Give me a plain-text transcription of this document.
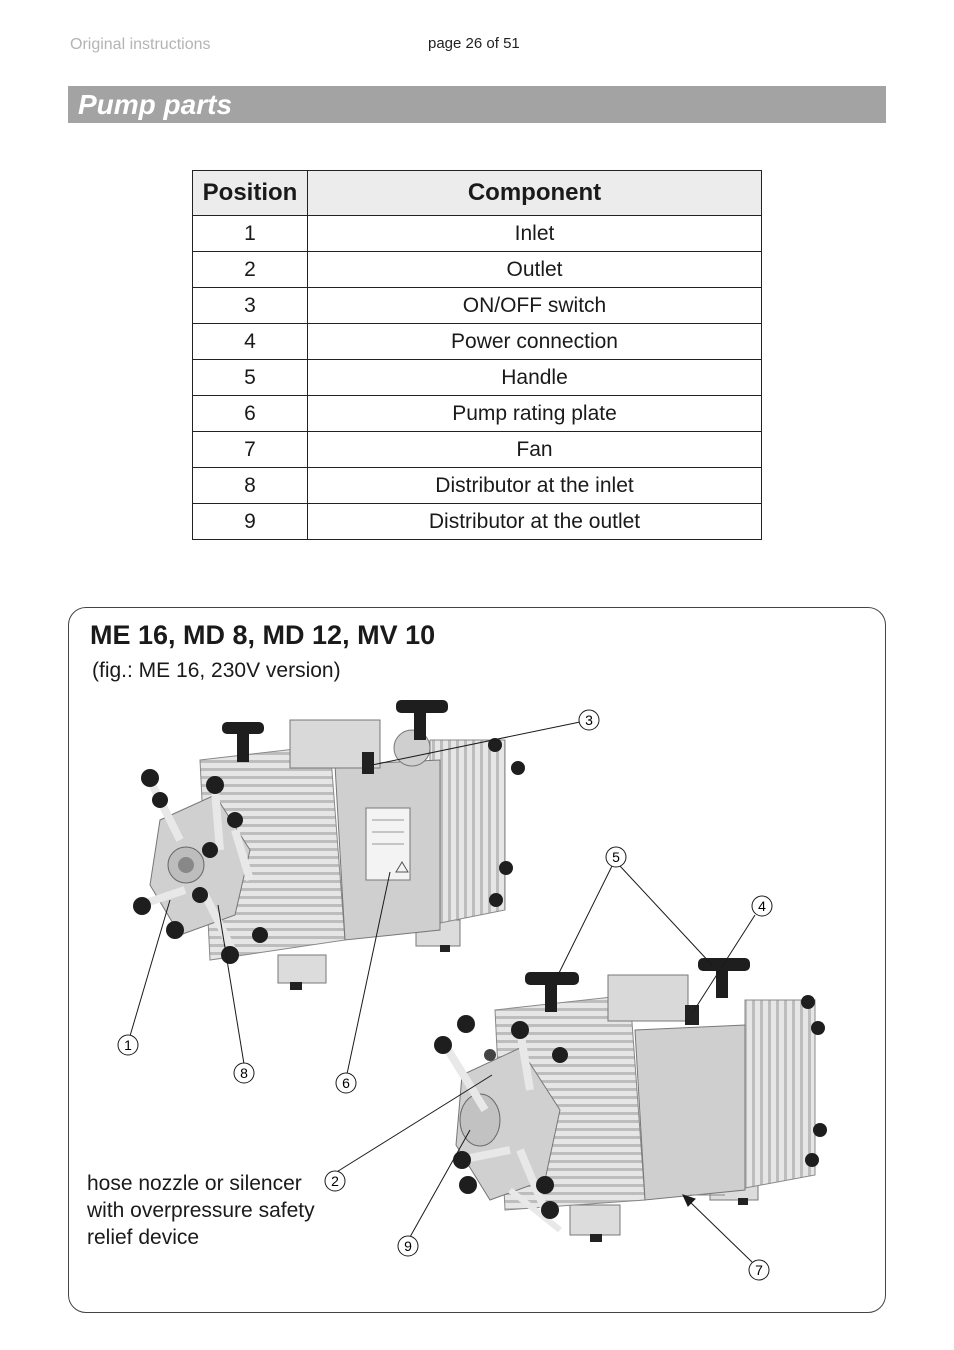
Original instructions	page 26 of 51
Pump parts
Position	Component
1	Inlet
2	Outlet
3	ON/OFF switch
4	Power connection
5	Handle
6	Pump rating plate
7	Fan
8	Distributor at the inlet
9	Distributor at the outlet
ME 16, MD 8, MD 12, MV 10
(fig.: ME 16, 230V version)
3
5
4
1
8
6
2
9
7
hose nozzle or silencer
with overpressure safety
relief device
